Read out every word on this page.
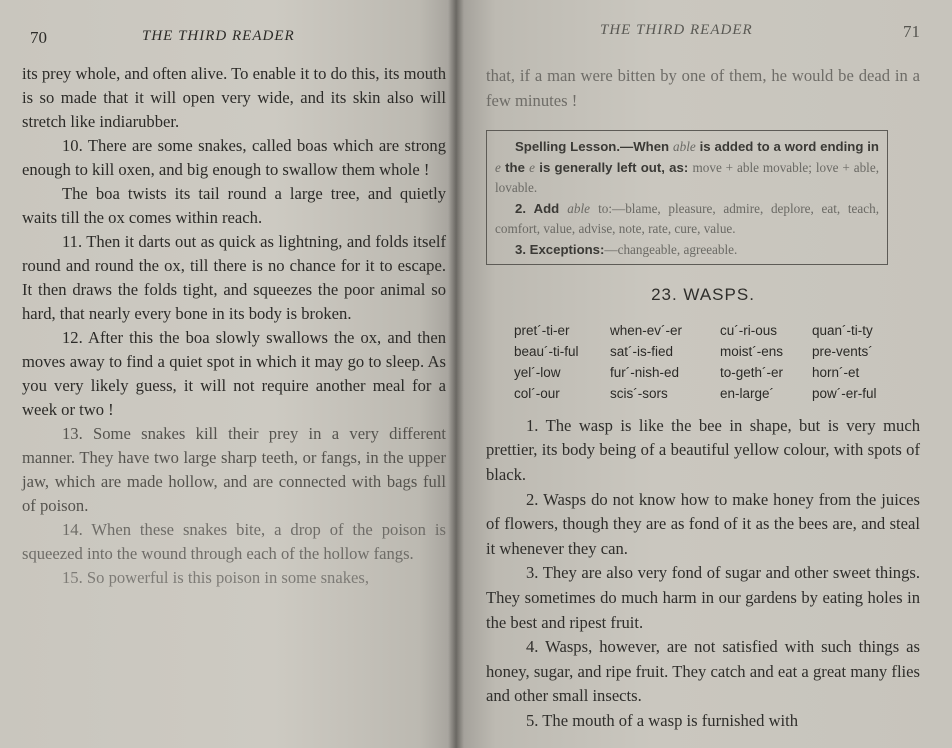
70	THE THIRD READER

its prey whole, and often alive. To enable it to do this, its mouth is so made that it will open very wide, and its skin also will stretch like indiarubber.

10. There are some snakes, called boas which are strong enough to kill oxen, and big enough to swallow them whole !

The boa twists its tail round a large tree, and quietly waits till the ox comes within reach.

11. Then it darts out as quick as lightning, and folds itself round and round the ox, till there is no chance for it to escape. It then draws the folds tight, and squeezes the poor animal so hard, that nearly every bone in its body is broken.

12. After this the boa slowly swallows the ox, and then moves away to find a quiet spot in which it may go to sleep. As you very likely guess, it will not require another meal for a week or two !

13. Some snakes kill their prey in a very different manner. They have two large sharp teeth, or fangs, in the upper jaw, which are made hollow, and are connected with bags full of poison.

14. When these snakes bite, a drop of the poison is squeezed into the wound through each of the hollow fangs.

15. So powerful is this poison in some snakes,

THE THIRD READER	71

that, if a man were bitten by one of them, he would be dead in a few minutes !

Spelling Lesson.—When able is added to a word ending in e the e is generally left out, as: move + able movable; love + able, lovable.
2. Add able to:—blame, pleasure, admire, deplore, eat, teach, comfort, value, advise, note, rate, cure, value.
3. Exceptions:—changeable, agreeable.
23. WASPS.
pret´-ti-er	when-ev´-er	cu´-ri-ous	quan´-ti-ty
beau´-ti-ful	sat´-is-fied	moist´-ens	pre-vents´
yel´-low	fur´-nish-ed	to-geth´-er	horn´-et
col´-our	scis´-sors	en-large´	pow´-er-ful

1. The wasp is like the bee in shape, but is very much prettier, its body being of a beautiful yellow colour, with spots of black.

2. Wasps do not know how to make honey from the juices of flowers, though they are as fond of it as the bees are, and steal it whenever they can.

3. They are also very fond of sugar and other sweet things. They sometimes do much harm in our gardens by eating holes in the best and ripest fruit.

4. Wasps, however, are not satisfied with such things as honey, sugar, and ripe fruit. They catch and eat a great many flies and other small insects.

5. The mouth of a wasp is furnished with
